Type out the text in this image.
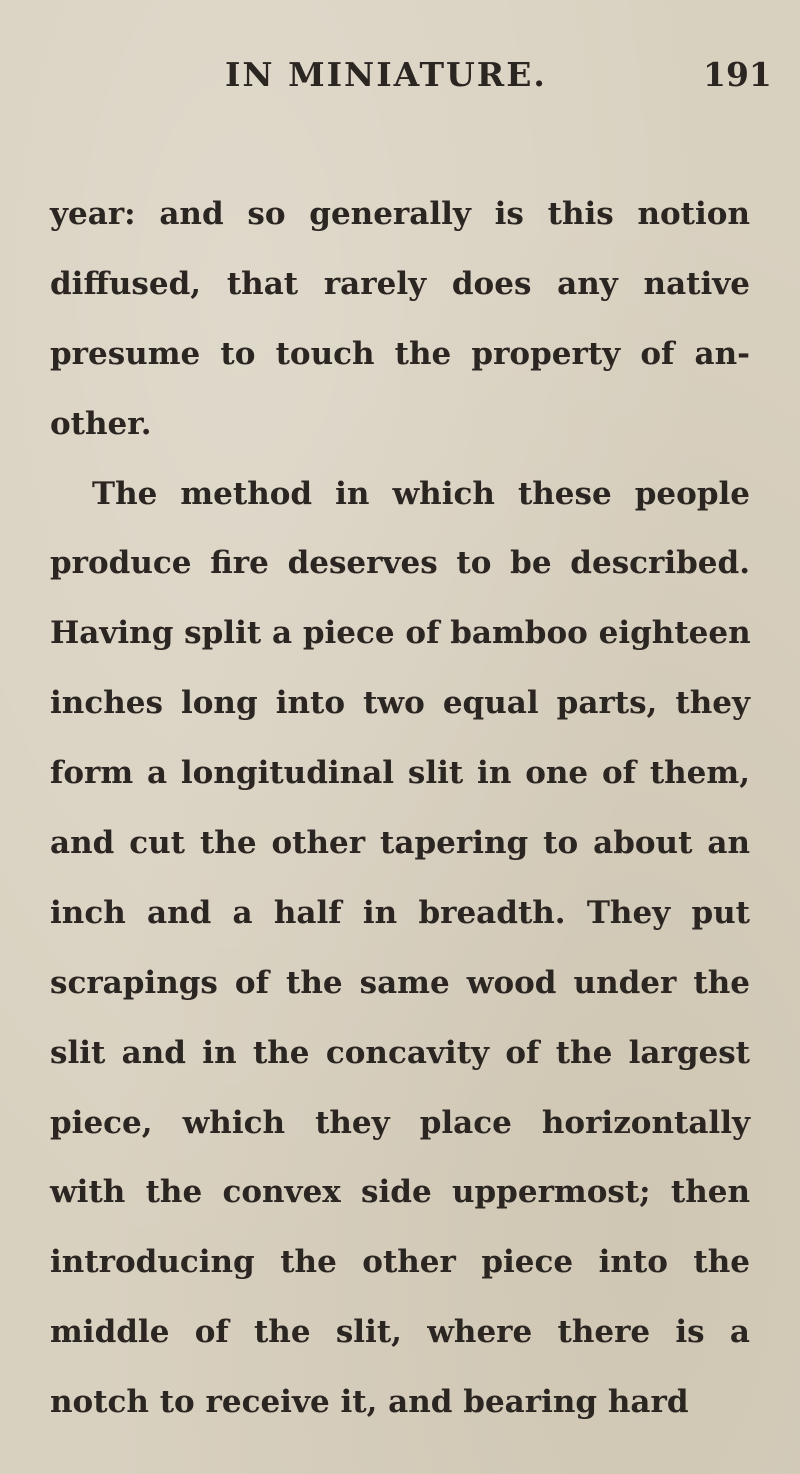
IN MINIATURE.	191
year: and so generally is this notion
diffused, that rarely does any native
presume to touch the property of an-
other.
The method in which these people
produce fire deserves to be described.
Having split a piece of bamboo eighteen
inches long into two equal parts, they
form a longitudinal slit in one of them,
and cut the other tapering to about an
inch and a half in breadth. They put
scrapings of the same wood under the
slit and in the concavity of the largest
piece, which they place horizontally
with the convex side uppermost; then
introducing the other piece into the
middle of the slit, where there is a
notch to receive it, and bearing hard
